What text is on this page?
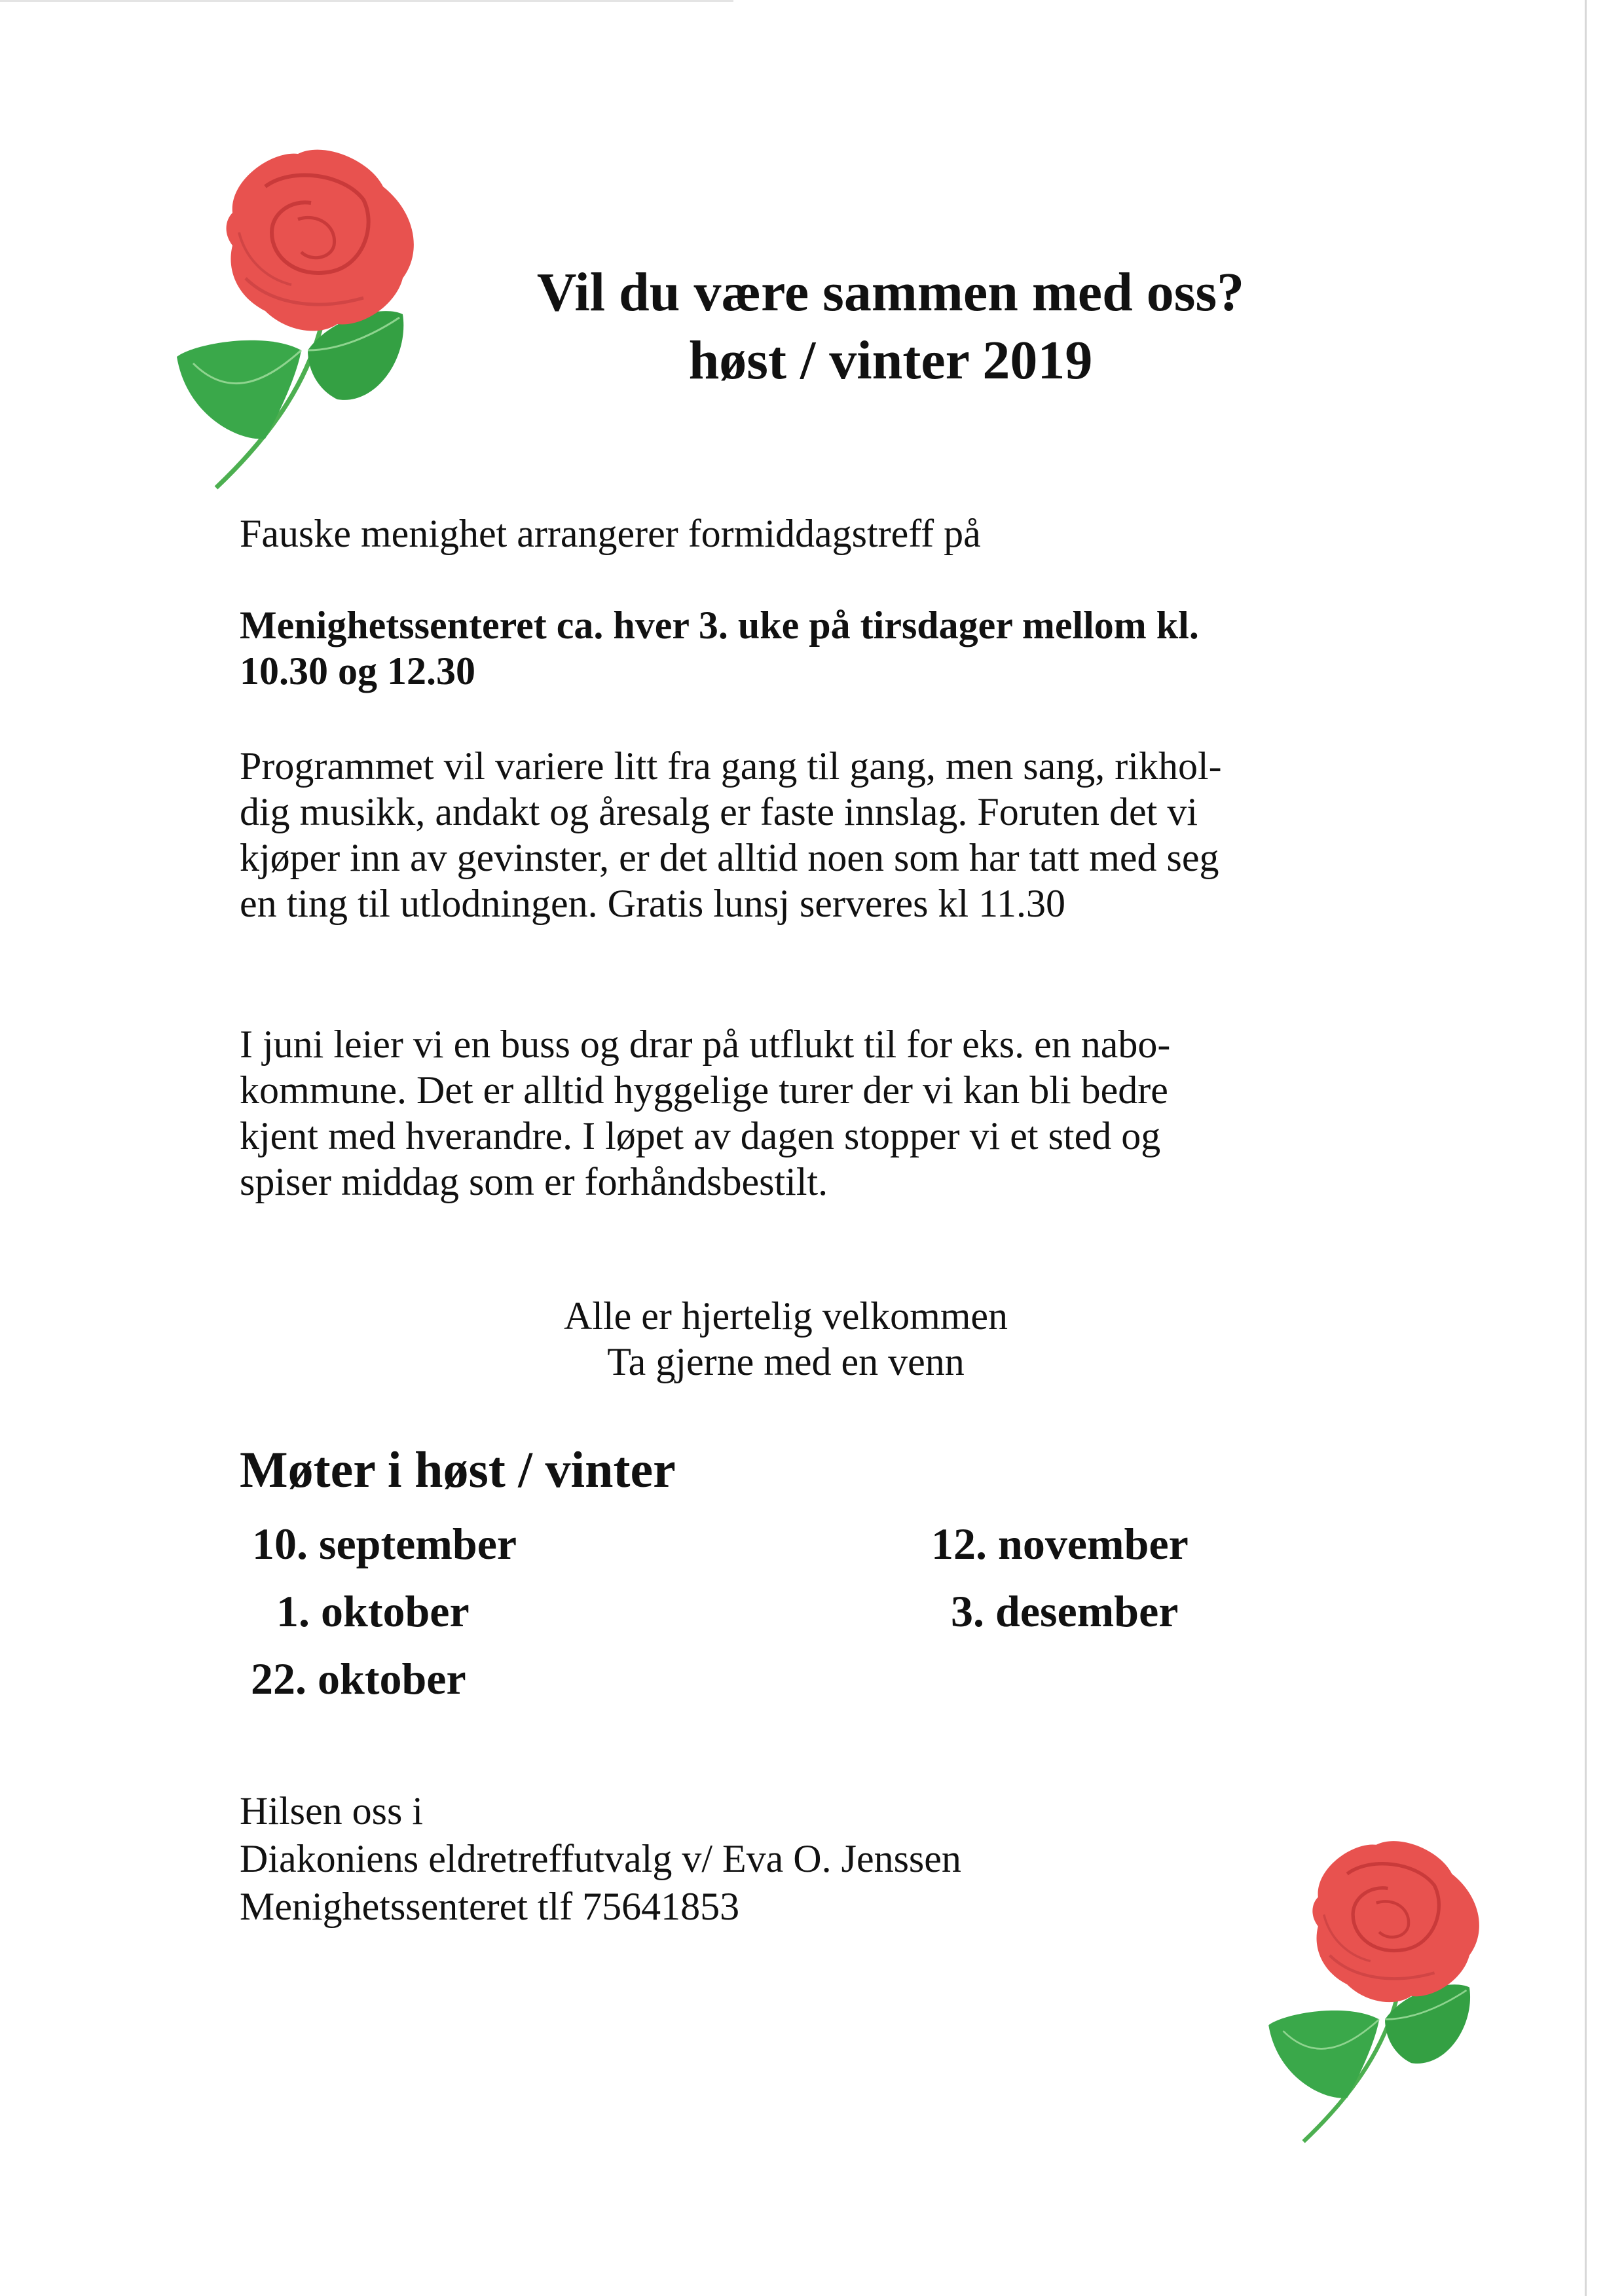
Vil du være sammen med oss?
høst / vinter 2019
Fauske menighet arrangerer formiddagstreff på
Menighetssenteret ca. hver 3. uke på tirsdager mellom kl.
10.30 og 12.30
Programmet vil variere litt fra gang til gang, men sang, rikhol-
dig musikk, andakt og åresalg er faste innslag. Foruten det vi
kjøper inn av gevinster, er det alltid noen som har tatt med seg
en ting til utlodningen. Gratis lunsj serveres kl 11.30
I juni leier vi en buss og drar på utflukt til for eks. en nabo-
kommune. Det er alltid hyggelige turer der vi kan bli bedre
kjent med hverandre. I løpet av dagen stopper vi et sted og
spiser middag som er forhåndsbestilt.
Alle er hjertelig velkommen
Ta gjerne med en venn
Møter i høst / vinter
10. september
1. oktober
22. oktober
12. november
3. desember
Hilsen oss i
Diakoniens eldretreffutvalg v/ Eva O. Jenssen
Menighetssenteret tlf 75641853
